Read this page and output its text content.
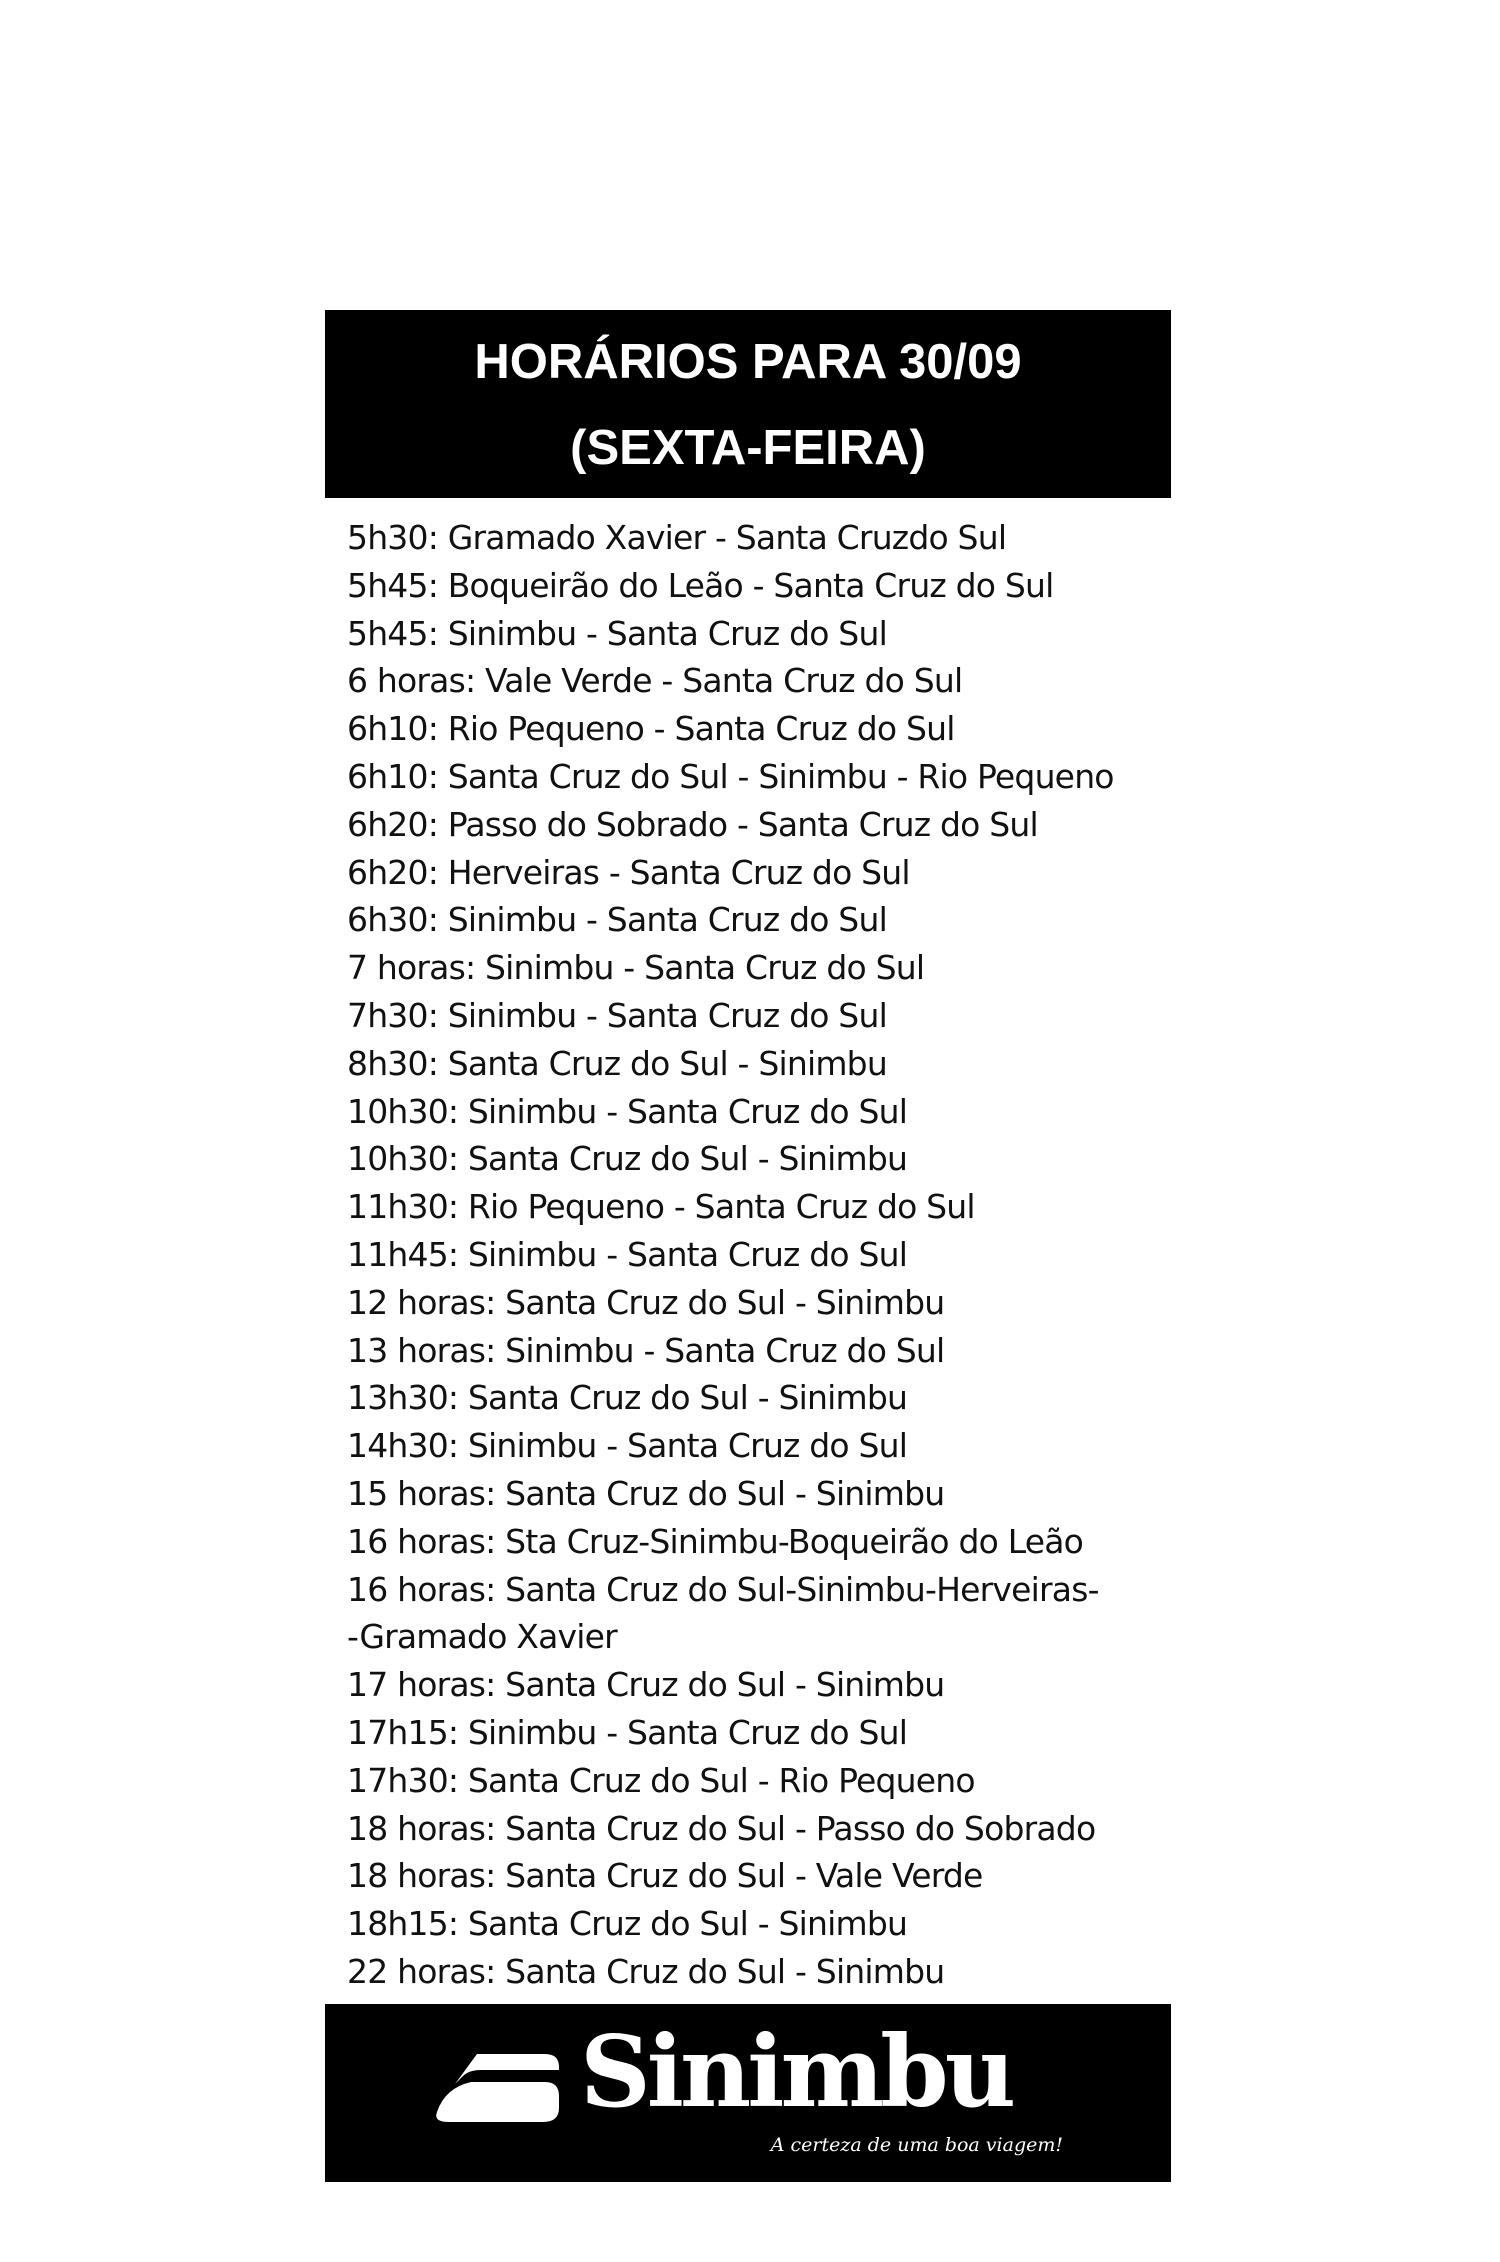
HORÁRIOS PARA 30/09
(SEXTA-FEIRA)
5h30: Gramado Xavier - Santa Cruzdo Sul
5h45: Boqueirão do Leão - Santa Cruz do Sul
5h45: Sinimbu - Santa Cruz do Sul
6 horas: Vale Verde - Santa Cruz do Sul
6h10: Rio Pequeno - Santa Cruz do Sul
6h10: Santa Cruz do Sul - Sinimbu - Rio Pequeno
6h20: Passo do Sobrado - Santa Cruz do Sul
6h20: Herveiras - Santa Cruz do Sul
6h30: Sinimbu - Santa Cruz do Sul
7 horas: Sinimbu - Santa Cruz do Sul
7h30: Sinimbu - Santa Cruz do Sul
8h30: Santa Cruz do Sul - Sinimbu
10h30: Sinimbu - Santa Cruz do Sul
10h30: Santa Cruz do Sul - Sinimbu
11h30: Rio Pequeno - Santa Cruz do Sul
11h45: Sinimbu - Santa Cruz do Sul
12 horas: Santa Cruz do Sul - Sinimbu
13 horas: Sinimbu - Santa Cruz do Sul
13h30: Santa Cruz do Sul - Sinimbu
14h30: Sinimbu - Santa Cruz do Sul
15 horas: Santa Cruz do Sul - Sinimbu
16 horas: Sta Cruz-Sinimbu-Boqueirão do Leão
16 horas: Santa Cruz do Sul-Sinimbu-Herveiras-
-Gramado Xavier
17 horas: Santa Cruz do Sul - Sinimbu
17h15: Sinimbu - Santa Cruz do Sul
17h30: Santa Cruz do Sul - Rio Pequeno
18 horas: Santa Cruz do Sul - Passo do Sobrado
18 horas: Santa Cruz do Sul - Vale Verde
18h15: Santa Cruz do Sul - Sinimbu
22 horas: Santa Cruz do Sul - Sinimbu
Sinimbu
A certeza de uma boa viagem!
